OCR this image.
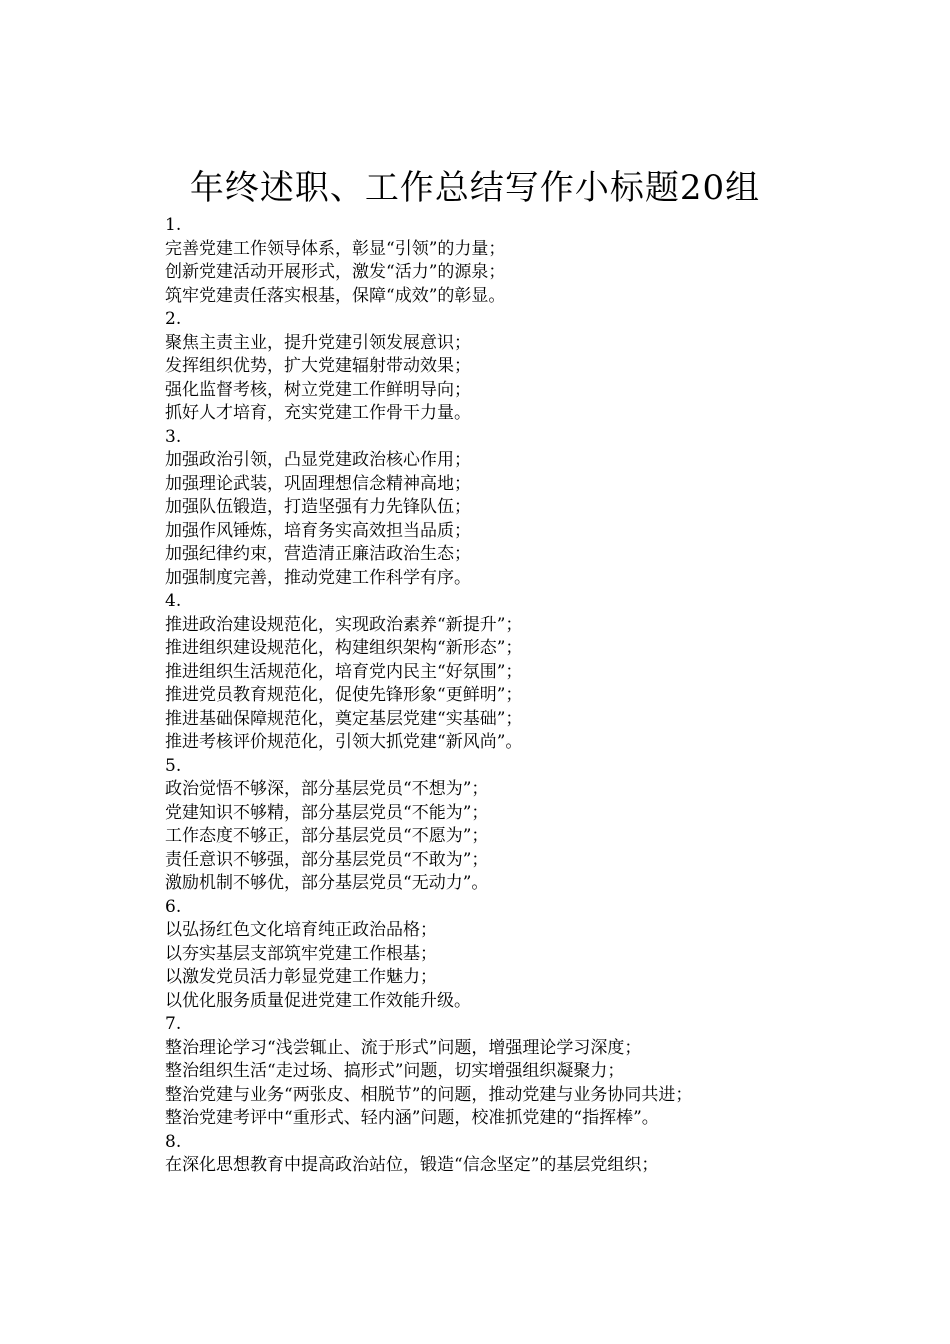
年终述职、工作总结写作小标题20组
1.
完善党建工作领导体系，彰显“引领”的力量；
创新党建活动开展形式，激发“活力”的源泉；
筑牢党建责任落实根基，保障“成效”的彰显。
2.
聚焦主责主业，提升党建引领发展意识；
发挥组织优势，扩大党建辐射带动效果；
强化监督考核，树立党建工作鲜明导向；
抓好人才培育，充实党建工作骨干力量。
3.
加强政治引领，凸显党建政治核心作用；
加强理论武装，巩固理想信念精神高地；
加强队伍锻造，打造坚强有力先锋队伍；
加强作风锤炼，培育务实高效担当品质；
加强纪律约束，营造清正廉洁政治生态；
加强制度完善，推动党建工作科学有序。
4.
推进政治建设规范化，实现政治素养“新提升”；
推进组织建设规范化，构建组织架构“新形态”；
推进组织生活规范化，培育党内民主“好氛围”；
推进党员教育规范化，促使先锋形象“更鲜明”；
推进基础保障规范化，奠定基层党建“实基础”；
推进考核评价规范化，引领大抓党建“新风尚”。
5.
政治觉悟不够深，部分基层党员“不想为”；
党建知识不够精，部分基层党员“不能为”；
工作态度不够正，部分基层党员“不愿为”；
责任意识不够强，部分基层党员“不敢为”；
激励机制不够优，部分基层党员“无动力”。
6.
以弘扬红色文化培育纯正政治品格；
以夯实基层支部筑牢党建工作根基；
以激发党员活力彰显党建工作魅力；
以优化服务质量促进党建工作效能升级。
7.
整治理论学习“浅尝辄止、流于形式”问题，增强理论学习深度；
整治组织生活“走过场、搞形式”问题，切实增强组织凝聚力；
整治党建与业务“两张皮、相脱节”的问题，推动党建与业务协同共进；
整治党建考评中“重形式、轻内涵”问题，校准抓党建的“指挥棒”。
8.
在深化思想教育中提高政治站位，锻造“信念坚定”的基层党组织；
